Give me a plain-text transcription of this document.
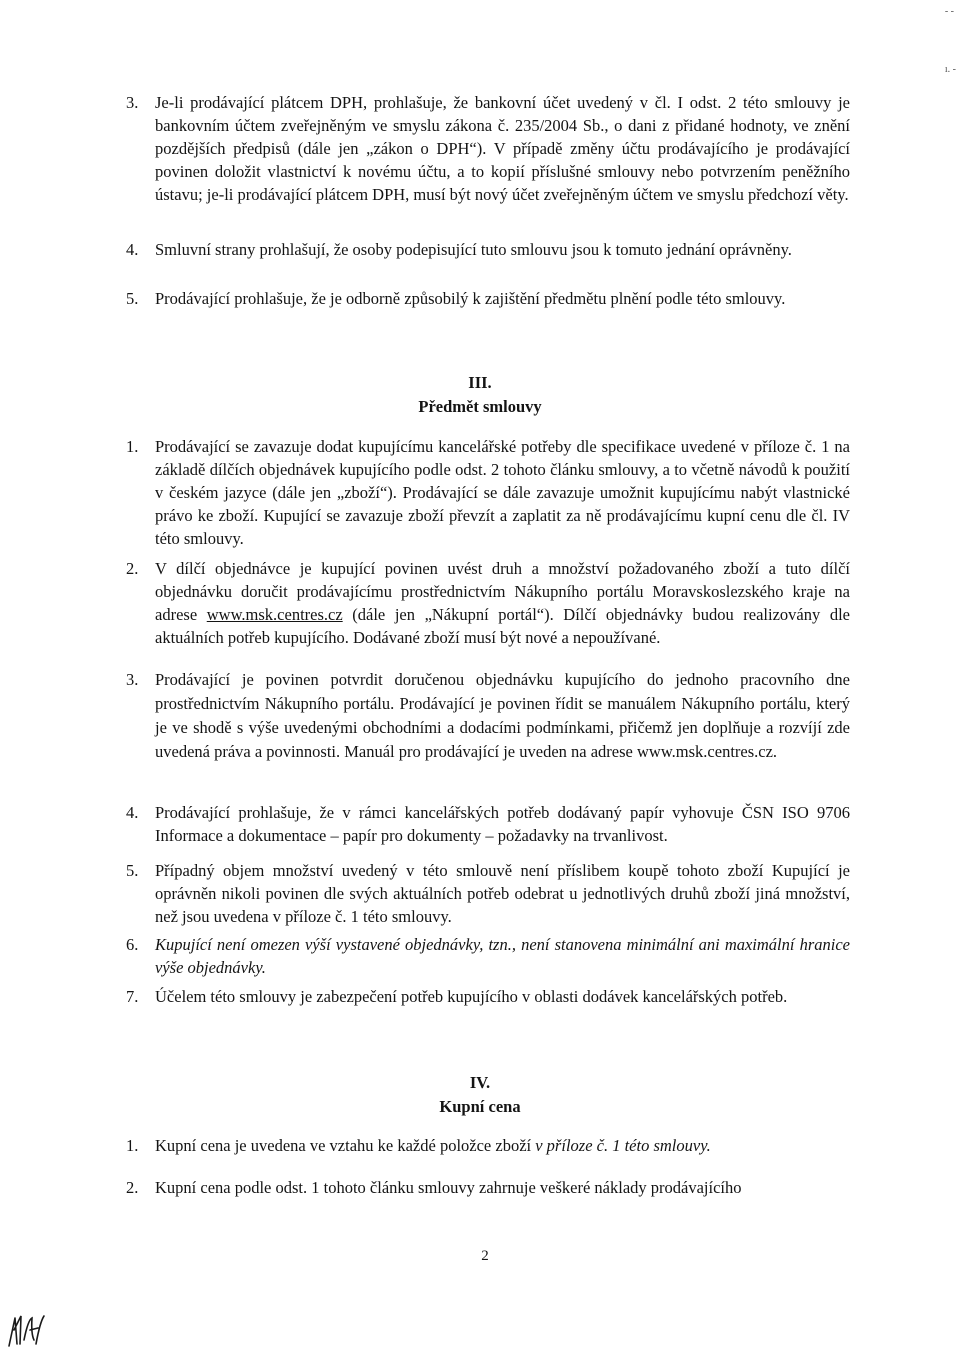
- -
ı. -
3. Je-li prodávající plátcem DPH, prohlašuje, že bankovní účet uvedený v čl. I odst. 2 této smlouvy je bankovním účtem zveřejněným ve smyslu zákona č. 235/2004 Sb., o dani z přidané hodnoty, ve znění pozdějších předpisů (dále jen „zákon o DPH“). V případě změny účtu prodávajícího je prodávající povinen doložit vlastnictví k novému účtu, a to kopií příslušné smlouvy nebo potvrzením peněžního ústavu; je-li prodávající plátcem DPH, musí být nový účet zveřejněným účtem ve smyslu předchozí věty.
4. Smluvní strany prohlašují, že osoby podepisující tuto smlouvu jsou k tomuto jednání oprávněny.
5. Prodávající prohlašuje, že je odborně způsobilý k zajištění předmětu plnění podle této smlouvy.
III.
Předmět smlouvy
1. Prodávající se zavazuje dodat kupujícímu kancelářské potřeby dle specifikace uvedené v příloze č. 1 na základě dílčích objednávek kupujícího podle odst. 2 tohoto článku smlouvy, a to včetně návodů k použití v českém jazyce (dále jen „zboží“). Prodávající se dále zavazuje umožnit kupujícímu nabýt vlastnické právo ke zboží. Kupující se zavazuje zboží převzít a zaplatit za ně prodávajícímu kupní cenu dle čl. IV této smlouvy.
2. V dílčí objednávce je kupující povinen uvést druh a množství požadovaného zboží a tuto dílčí objednávku doručit prodávajícímu prostřednictvím Nákupního portálu Moravskoslezského kraje na adrese www.msk.centres.cz (dále jen „Nákupní portál“). Dílčí objednávky budou realizovány dle aktuálních potřeb kupujícího. Dodávané zboží musí být nové a nepoužívané.
3. Prodávající je povinen potvrdit doručenou objednávku kupujícího do jednoho pracovního dne prostřednictvím Nákupního portálu. Prodávající je povinen řídit se manuálem Nákupního portálu, který je ve shodě s výše uvedenými obchodními a dodacími podmínkami, přičemž jen doplňuje a rozvíjí zde uvedená práva a povinnosti. Manuál pro prodávající je uveden na adrese www.msk.centres.cz.
4. Prodávající prohlašuje, že v rámci kancelářských potřeb dodávaný papír vyhovuje ČSN ISO 9706 Informace a dokumentace – papír pro dokumenty – požadavky na trvanlivost.
5. Případný objem množství uvedený v této smlouvě není příslibem koupě tohoto zboží Kupující je oprávněn nikoli povinen dle svých aktuálních potřeb odebrat u jednotlivých druhů zboží jiná množství, než jsou uvedena v příloze č. 1 této smlouvy.
6. Kupující není omezen výší vystavené objednávky, tzn., není stanovena minimální ani maximální hranice výše objednávky.
7. Účelem této smlouvy je zabezpečení potřeb kupujícího v oblasti dodávek kancelářských potřeb.
IV.
Kupní cena
1. Kupní cena je uvedena ve vztahu ke každé položce zboží v příloze č. 1 této smlouvy.
2. Kupní cena podle odst. 1 tohoto článku smlouvy zahrnuje veškeré náklady prodávajícího
2
